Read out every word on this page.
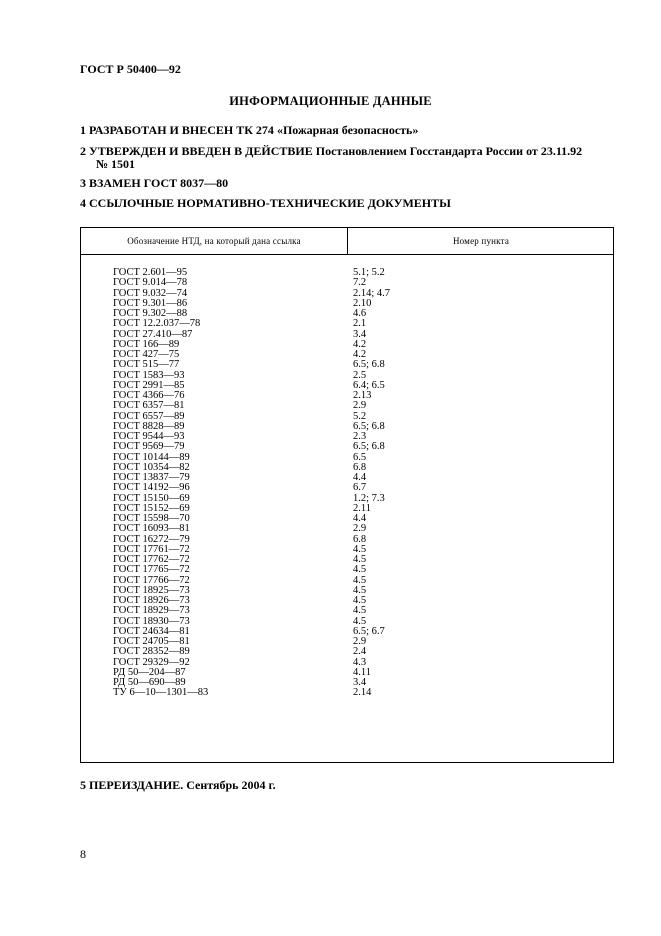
ГОСТ Р 50400—92
ИНФОРМАЦИОННЫЕ ДАННЫЕ
1 РАЗРАБОТАН И ВНЕСЕН ТК 274 «Пожарная безопасность»
2 УТВЕРЖДЕН И ВВЕДЕН В ДЕЙСТВИЕ Постановлением Госстандарта России от 23.11.92
№ 1501
3 ВЗАМЕН ГОСТ 8037—80
4 ССЫЛОЧНЫЕ НОРМАТИВНО-ТЕХНИЧЕСКИЕ ДОКУМЕНТЫ
Обозначение НТД, на который дана ссылка	Номер пункта
ГОСТ 2.601—95	5.1; 5.2
ГОСТ 9.014—78	7.2
ГОСТ 9.032—74	2.14; 4.7
ГОСТ 9.301—86	2.10
ГОСТ 9.302—88	4.6
ГОСТ 12.2.037—78	2.1
ГОСТ 27.410—87	3.4
ГОСТ 166—89	4.2
ГОСТ 427—75	4.2
ГОСТ 515—77	6.5; 6.8
ГОСТ 1583—93	2.5
ГОСТ 2991—85	6.4; 6.5
ГОСТ 4366—76	2.13
ГОСТ 6357—81	2.9
ГОСТ 6557—89	5.2
ГОСТ 8828—89	6.5; 6.8
ГОСТ 9544—93	2.3
ГОСТ 9569—79	6.5; 6.8
ГОСТ 10144—89	6.5
ГОСТ 10354—82	6.8
ГОСТ 13837—79	4.4
ГОСТ 14192—96	6.7
ГОСТ 15150—69	1.2; 7.3
ГОСТ 15152—69	2.11
ГОСТ 15598—70	4.4
ГОСТ 16093—81	2.9
ГОСТ 16272—79	6.8
ГОСТ 17761—72	4.5
ГОСТ 17762—72	4.5
ГОСТ 17765—72	4.5
ГОСТ 17766—72	4.5
ГОСТ 18925—73	4.5
ГОСТ 18926—73	4.5
ГОСТ 18929—73	4.5
ГОСТ 18930—73	4.5
ГОСТ 24634—81	6.5; 6.7
ГОСТ 24705—81	2.9
ГОСТ 28352—89	2.4
ГОСТ 29329—92	4.3
РД 50—204—87	4.11
РД 50—690—89	3.4
ТУ 6—10—1301—83	2.14
5 ПЕРЕИЗДАНИЕ. Сентябрь 2004 г.
8
